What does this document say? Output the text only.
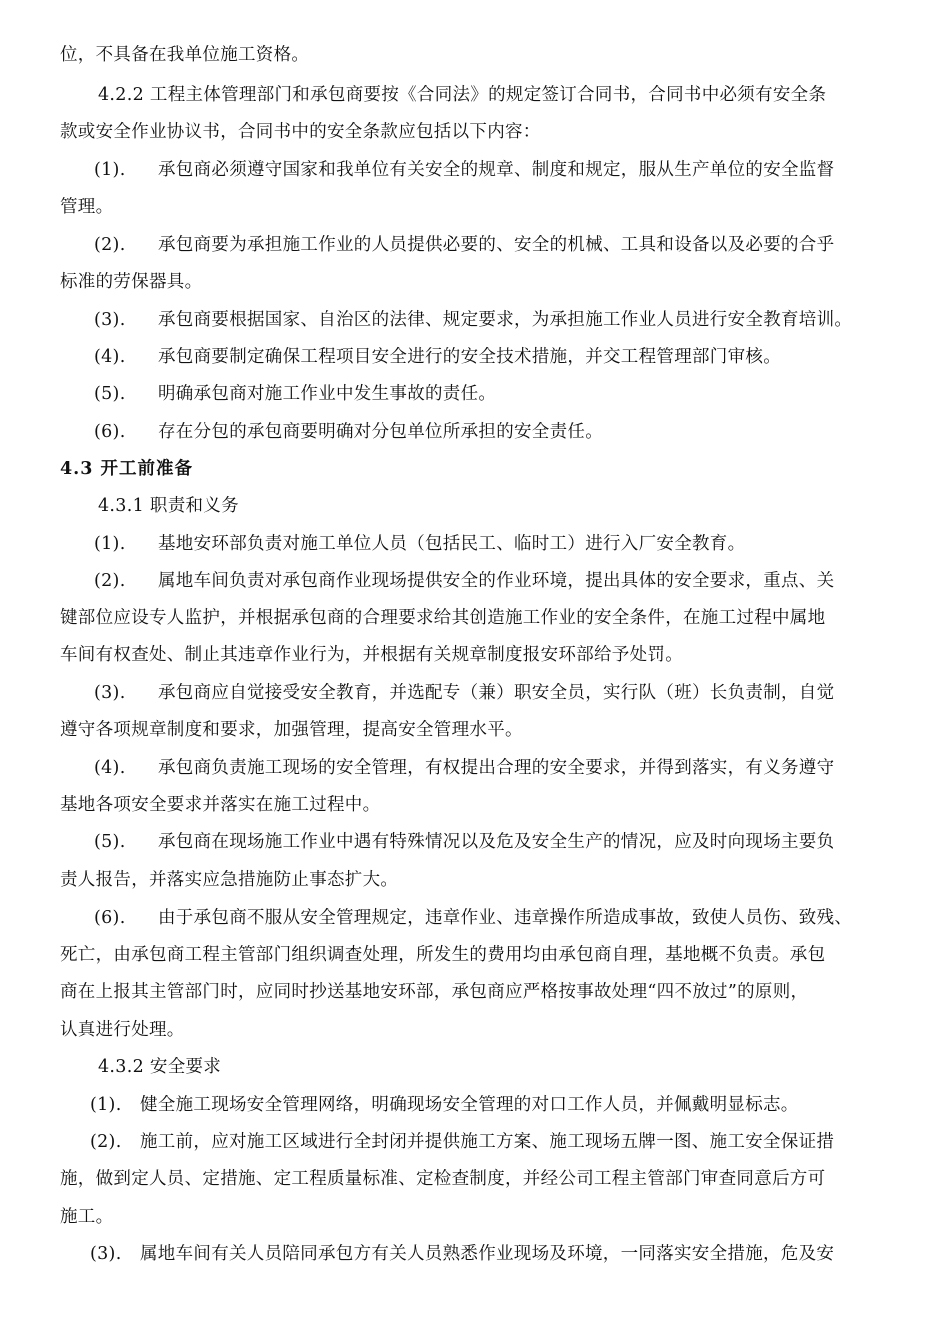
位，不具备在我单位施工资格。
4.2.2 工程主体管理部门和承包商要按《合同法》的规定签订合同书，合同书中必须有安全条
款或安全作业协议书，合同书中的安全条款应包括以下内容：
(1). 承包商必须遵守国家和我单位有关安全的规章、制度和规定，服从生产单位的安全监督
管理。
(2). 承包商要为承担施工作业的人员提供必要的、安全的机械、工具和设备以及必要的合乎
标准的劳保器具。
(3). 承包商要根据国家、自治区的法律、规定要求，为承担施工作业人员进行安全教育培训。
(4). 承包商要制定确保工程项目安全进行的安全技术措施，并交工程管理部门审核。
(5). 明确承包商对施工作业中发生事故的责任。
(6). 存在分包的承包商要明确对分包单位所承担的安全责任。
4.3 开工前准备
4.3.1 职责和义务
(1). 基地安环部负责对施工单位人员（包括民工、临时工）进行入厂安全教育。
(2). 属地车间负责对承包商作业现场提供安全的作业环境，提出具体的安全要求，重点、关
键部位应设专人监护，并根据承包商的合理要求给其创造施工作业的安全条件，在施工过程中属地
车间有权查处、制止其违章作业行为，并根据有关规章制度报安环部给予处罚。
(3). 承包商应自觉接受安全教育，并选配专（兼）职安全员，实行队（班）长负责制，自觉
遵守各项规章制度和要求，加强管理，提高安全管理水平。
(4). 承包商负责施工现场的安全管理，有权提出合理的安全要求，并得到落实，有义务遵守
基地各项安全要求并落实在施工过程中。
(5). 承包商在现场施工作业中遇有特殊情况以及危及安全生产的情况，应及时向现场主要负
责人报告，并落实应急措施防止事态扩大。
(6). 由于承包商不服从安全管理规定，违章作业、违章操作所造成事故，致使人员伤、致残、
死亡，由承包商工程主管部门组织调查处理，所发生的费用均由承包商自理，基地概不负责。承包
商在上报其主管部门时，应同时抄送基地安环部，承包商应严格按事故处理“四不放过”的原则，
认真进行处理。
4.3.2 安全要求
(1). 健全施工现场安全管理网络，明确现场安全管理的对口工作人员，并佩戴明显标志。
(2). 施工前，应对施工区域进行全封闭并提供施工方案、施工现场五牌一图、施工安全保证措
施，做到定人员、定措施、定工程质量标准、定检查制度，并经公司工程主管部门审查同意后方可
施工。
(3). 属地车间有关人员陪同承包方有关人员熟悉作业现场及环境，一同落实安全措施，危及安
